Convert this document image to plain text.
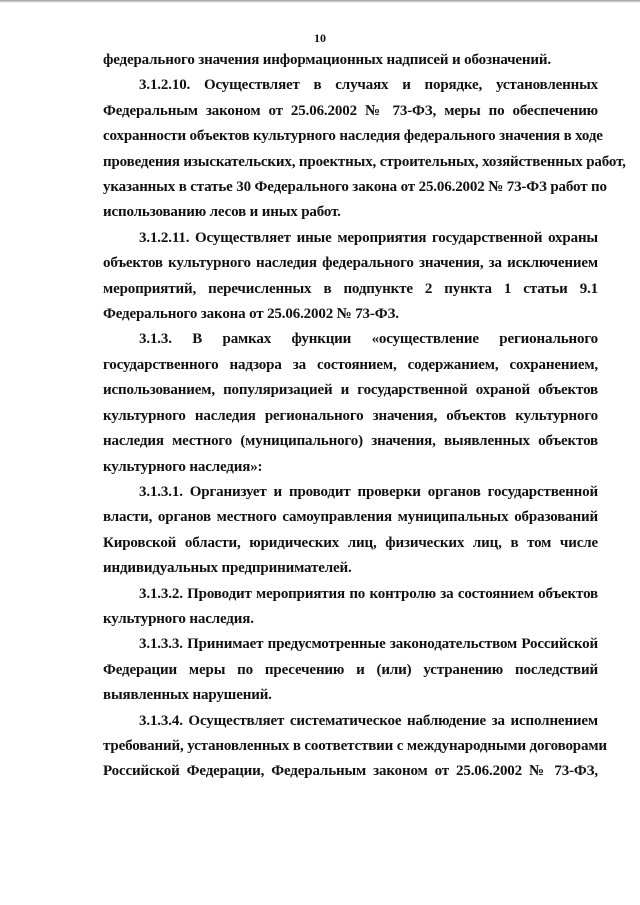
10
федерального значения информационных надписей и обозначений.
3.1.2.10. Осуществляет в случаях и порядке, установленных
Федеральным законом от 25.06.2002 № 73-ФЗ, меры по обеспечению
сохранности объектов культурного наследия федерального значения в ходе
проведения изыскательских, проектных, строительных, хозяйственных работ,
указанных в статье 30 Федерального закона от 25.06.2002 № 73-ФЗ работ по
использованию лесов и иных работ.
3.1.2.11. Осуществляет иные мероприятия государственной охраны
объектов культурного наследия федерального значения, за исключением
мероприятий, перечисленных в подпункте 2 пункта 1 статьи 9.1
Федерального закона от 25.06.2002 № 73-ФЗ.
3.1.3. В рамках функции «осуществление регионального
государственного надзора за состоянием, содержанием, сохранением,
использованием, популяризацией и государственной охраной объектов
культурного наследия регионального значения, объектов культурного
наследия местного (муниципального) значения, выявленных объектов
культурного наследия»:
3.1.3.1. Организует и проводит проверки органов государственной
власти, органов местного самоуправления муниципальных образований
Кировской области, юридических лиц, физических лиц, в том числе
индивидуальных предпринимателей.
3.1.3.2. Проводит мероприятия по контролю за состоянием объектов
культурного наследия.
3.1.3.3. Принимает предусмотренные законодательством Российской
Федерации меры по пресечению и (или) устранению последствий
выявленных нарушений.
3.1.3.4. Осуществляет систематическое наблюдение за исполнением
требований, установленных в соответствии с международными договорами
Российской Федерации, Федеральным законом от 25.06.2002 № 73-ФЗ,
